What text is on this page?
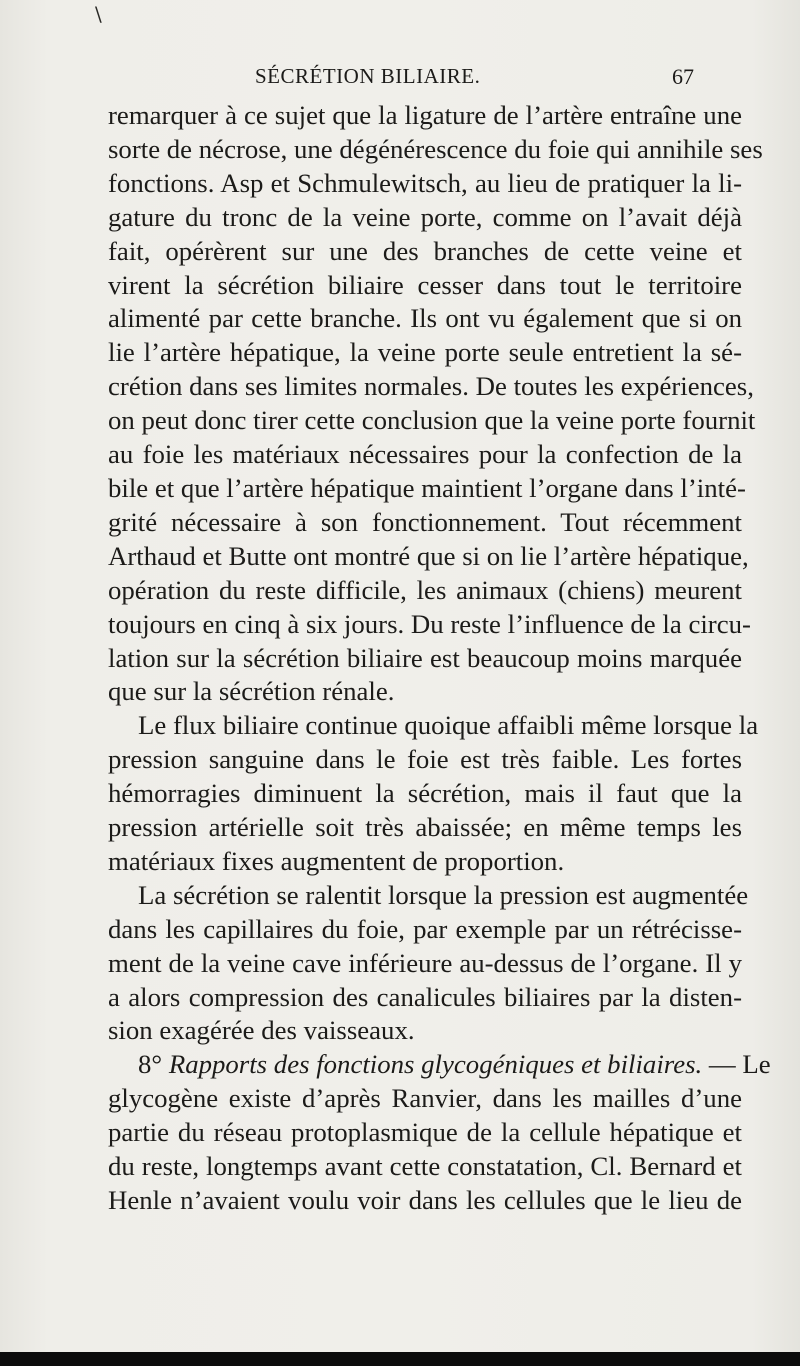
\
SÉCRÉTION BILIAIRE.	67
remarquer à ce sujet que la ligature de l’artère entraîne une
sorte de nécrose, une dégénérescence du foie qui annihile ses
fonctions. Asp et Schmulewitsch, au lieu de pratiquer la li-
gature du tronc de la veine porte, comme on l’avait déjà
fait, opérèrent sur une des branches de cette veine et
virent la sécrétion biliaire cesser dans tout le territoire
alimenté par cette branche. Ils ont vu également que si on
lie l’artère hépatique, la veine porte seule entretient la sé-
crétion dans ses limites normales. De toutes les expériences,
on peut donc tirer cette conclusion que la veine porte fournit
au foie les matériaux nécessaires pour la confection de la
bile et que l’artère hépatique maintient l’organe dans l’inté-
grité nécessaire à son fonctionnement. Tout récemment
Arthaud et Butte ont montré que si on lie l’artère hépatique,
opération du reste difficile, les animaux (chiens) meurent
toujours en cinq à six jours. Du reste l’influence de la circu-
lation sur la sécrétion biliaire est beaucoup moins marquée
que sur la sécrétion rénale.
Le flux biliaire continue quoique affaibli même lorsque la
pression sanguine dans le foie est très faible. Les fortes
hémorragies diminuent la sécrétion, mais il faut que la
pression artérielle soit très abaissée; en même temps les
matériaux fixes augmentent de proportion.
La sécrétion se ralentit lorsque la pression est augmentée
dans les capillaires du foie, par exemple par un rétrécisse-
ment de la veine cave inférieure au-dessus de l’organe. Il y
a alors compression des canalicules biliaires par la disten-
sion exagérée des vaisseaux.
8° Rapports des fonctions glycogéniques et biliaires. — Le
glycogène existe d’après Ranvier, dans les mailles d’une
partie du réseau protoplasmique de la cellule hépatique et
du reste, longtemps avant cette constatation, Cl. Bernard et
Henle n’avaient voulu voir dans les cellules que le lieu de
